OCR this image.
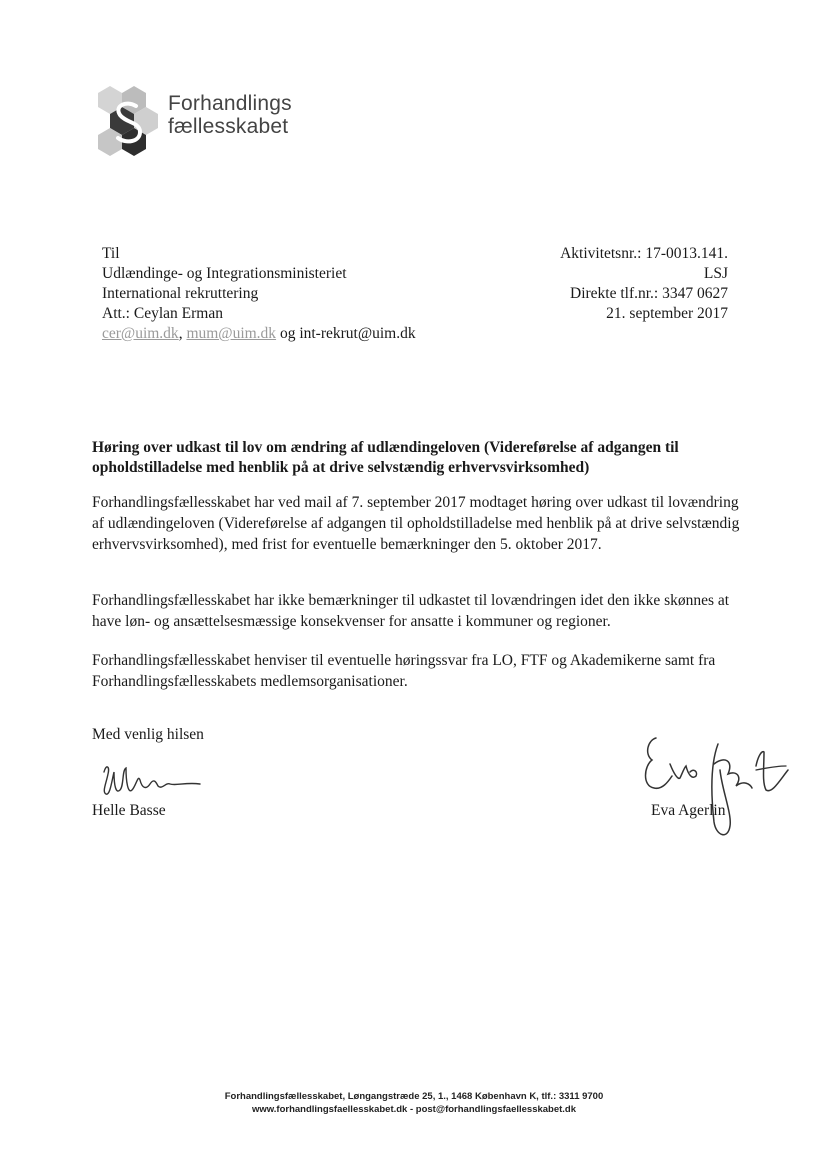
Forhandlings
fællesskabet
Til
Udlændinge- og Integrationsministeriet
International rekruttering
Att.: Ceylan Erman
cer@uim.dk, mum@uim.dk og int-rekrut@uim.dk
Aktivitetsnr.: 17-0013.141.
LSJ
Direkte tlf.nr.: 3347 0627
21. september 2017
Høring over udkast til lov om ændring af udlændingeloven (Videreførelse af adgangen til opholdstilladelse med henblik på at drive selvstændig erhvervsvirksomhed)
Forhandlingsfællesskabet har ved mail af 7. september 2017 modtaget høring over udkast til lovændring af udlændingeloven (Videreførelse af adgangen til opholdstilladelse med henblik på at drive selvstændig erhvervsvirksomhed), med frist for eventuelle bemærkninger den 5. oktober 2017.
Forhandlingsfællesskabet har ikke bemærkninger til udkastet til lovændringen idet den ikke skønnes at have løn- og ansættelsesmæssige konsekvenser for ansatte i kommuner og regioner.
Forhandlingsfællesskabet henviser til eventuelle høringssvar fra LO, FTF og Akademikerne samt fra Forhandlingsfællesskabets medlemsorganisationer.
Med venlig hilsen
Helle Basse	Eva Agerlin
Forhandlingsfællesskabet, Løngangstræde 25, 1., 1468 København K, tlf.: 3311 9700
www.forhandlingsfaellesskabet.dk - post@forhandlingsfaellesskabet.dk
